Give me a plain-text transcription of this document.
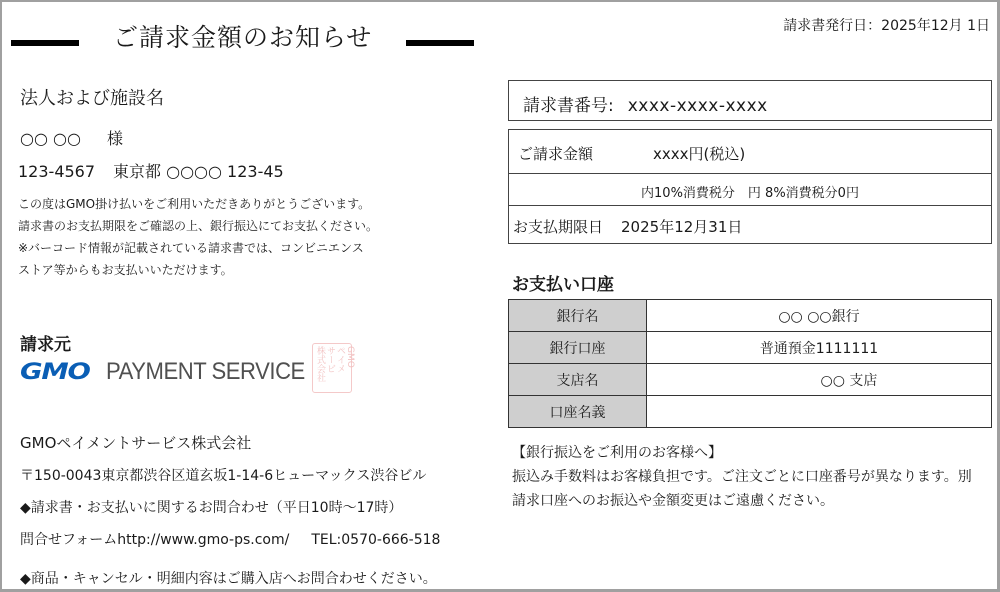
ご請求金額のお知らせ	請求書発行日：2025年12月 1日
法人および施設名
○○ ○○ 様
123-4567 東京都 ○○○○ 123-45
この度はGMO掛け払いをご利用いただきありがとうございます。
請求書のお支払期限をご確認の上、銀行振込にてお支払ください。
※バーコード情報が記載されている請求書では、コンビニエンス
ストア等からもお支払いいただけます。
請求元
GMO PAYMENT SERVICE
GMO
ペイメ
サービ
株式会社
GMOペイメントサービス株式会社
〒150-0043東京都渋谷区道玄坂1-14-6ヒューマックス渋谷ビル
◆請求書・お支払いに関するお問合わせ（平日10時～17時）
問合せフォームhttp://www.gmo-ps.com/ TEL:0570-666-518
◆商品・キャンセル・明細内容はご購入店へお問合わせください。
請求書番号: xxxx-xxxx-xxxx
ご請求金額	xxxx円(税込)
内10%消費税分　円 8%消費税分0円
お支払期限日 2025年12月31日
お支払い口座
銀行名	○○ ○○銀行
銀行口座	普通預金1111111
支店名	○○ 支店
口座名義	
【銀行振込をご利用のお客様へ】
振込み手数料はお客様負担です。ご注文ごとに口座番号が異なります。別請求口座へのお振込や金額変更はご遠慮ください。
